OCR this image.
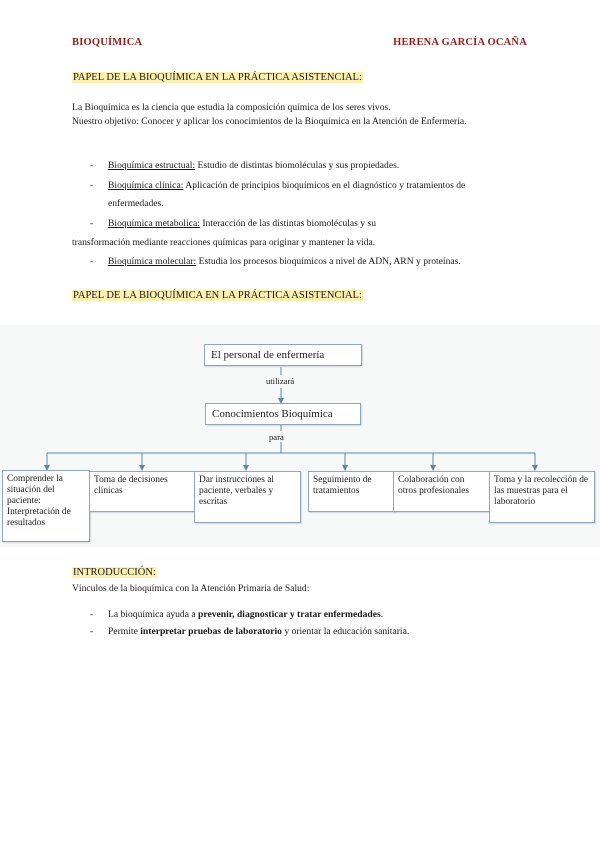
BIOQUÍMICA	HERENA GARCÍA OCAÑA
PAPEL DE LA BIOQUÍMICA EN LA PRÁCTICA ASISTENCIAL:
La Bioquímica es la ciencia que estudia la composición química de los seres vivos.
Nuestro objetivo: Conocer y aplicar los conocimientos de la Bioquímica en la Atención de Enfermería.
- Bioquímica estructual: Estudio de distintas biomoléculas y sus propiedades.
- Bioquímica clínica: Aplicación de principios bioquímicos en el diagnóstico y tratamientos de
enfermedades.
- Bioquímica metabolica: Interacción de las distintas biomoléculas y su
transformación mediante reacciones químicas para originar y mantener la vida.
- Bioquímica molecular: Estudia los procesos bioquímicos a nivel de ADN, ARN y proteínas.
PAPEL DE LA BIOQUÍMICA EN LA PRÁCTICA ASISTENCIAL:
El personal de enfermería
utilizará
Conocimientos Bioquímica
para
Comprender la situación del paciente: Interpretación de resultados
Toma de decisiones clínicas
Dar instrucciones al paciente, verbales y escritas
Seguimiento de tratamientos
Colaboración con otros profesionales
Toma y la recolección de las muestras para el laboratorio
INTRODUCCIÓN:
Vínculos de la bioquímica con la Atención Primaria de Salud:
- La bioquímica ayuda a prevenir, diagnosticar y tratar enfermedades.
- Permite interpretar pruebas de laboratorio y orientar la educación sanitaria.
